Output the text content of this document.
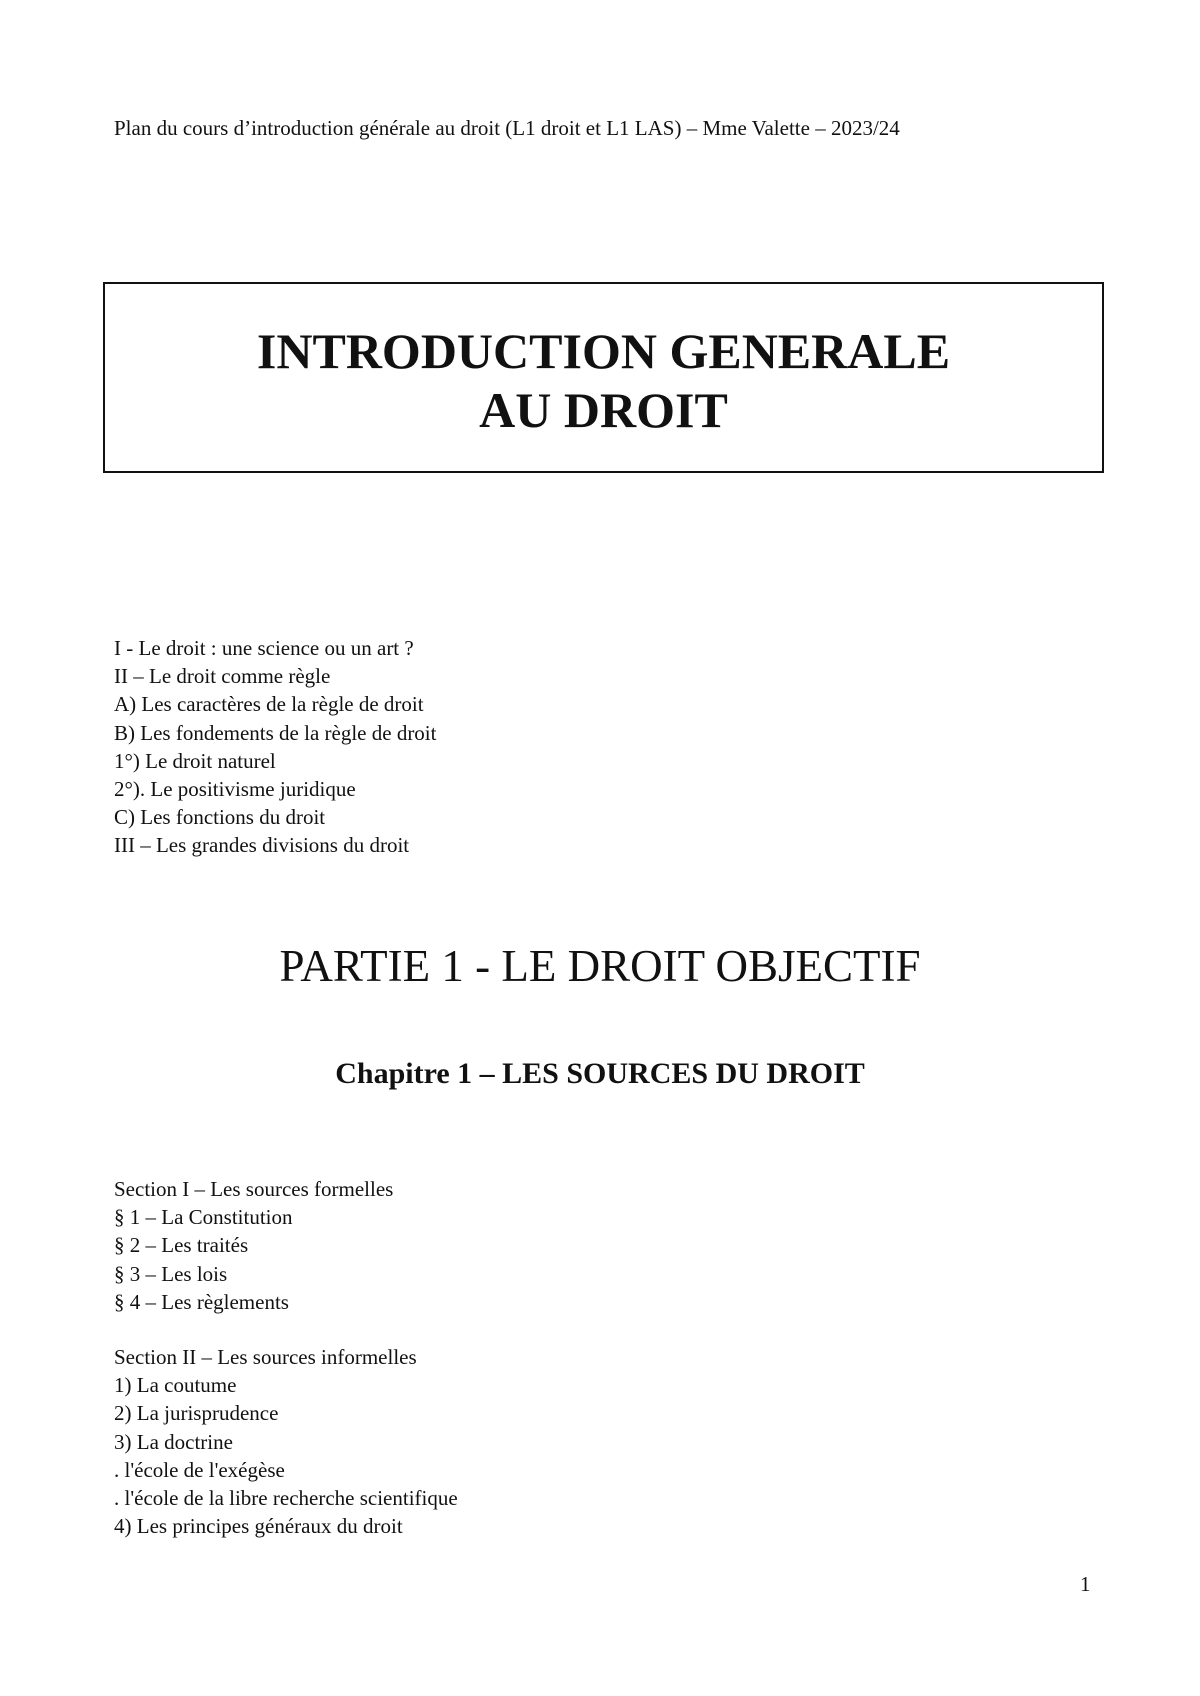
Plan du cours d’introduction générale au droit (L1 droit et L1 LAS) – Mme Valette – 2023/24
INTRODUCTION GENERALE
AU DROIT
I - Le droit : une science ou un art ?
II – Le droit comme règle
A) Les caractères de la règle de droit
B) Les fondements de la règle de droit
1°) Le droit naturel
2°). Le positivisme juridique
C) Les fonctions du droit
III – Les grandes divisions du droit
PARTIE 1 - LE DROIT OBJECTIF
Chapitre 1 – LES SOURCES DU DROIT
Section I – Les sources formelles
§ 1 – La Constitution
§ 2 – Les traités
§ 3 – Les lois
§ 4 – Les règlements
Section II – Les sources informelles
1) La coutume
2) La jurisprudence
3) La doctrine
. l'école de l'exégèse
. l'école de la libre recherche scientifique
4) Les principes généraux du droit
1
